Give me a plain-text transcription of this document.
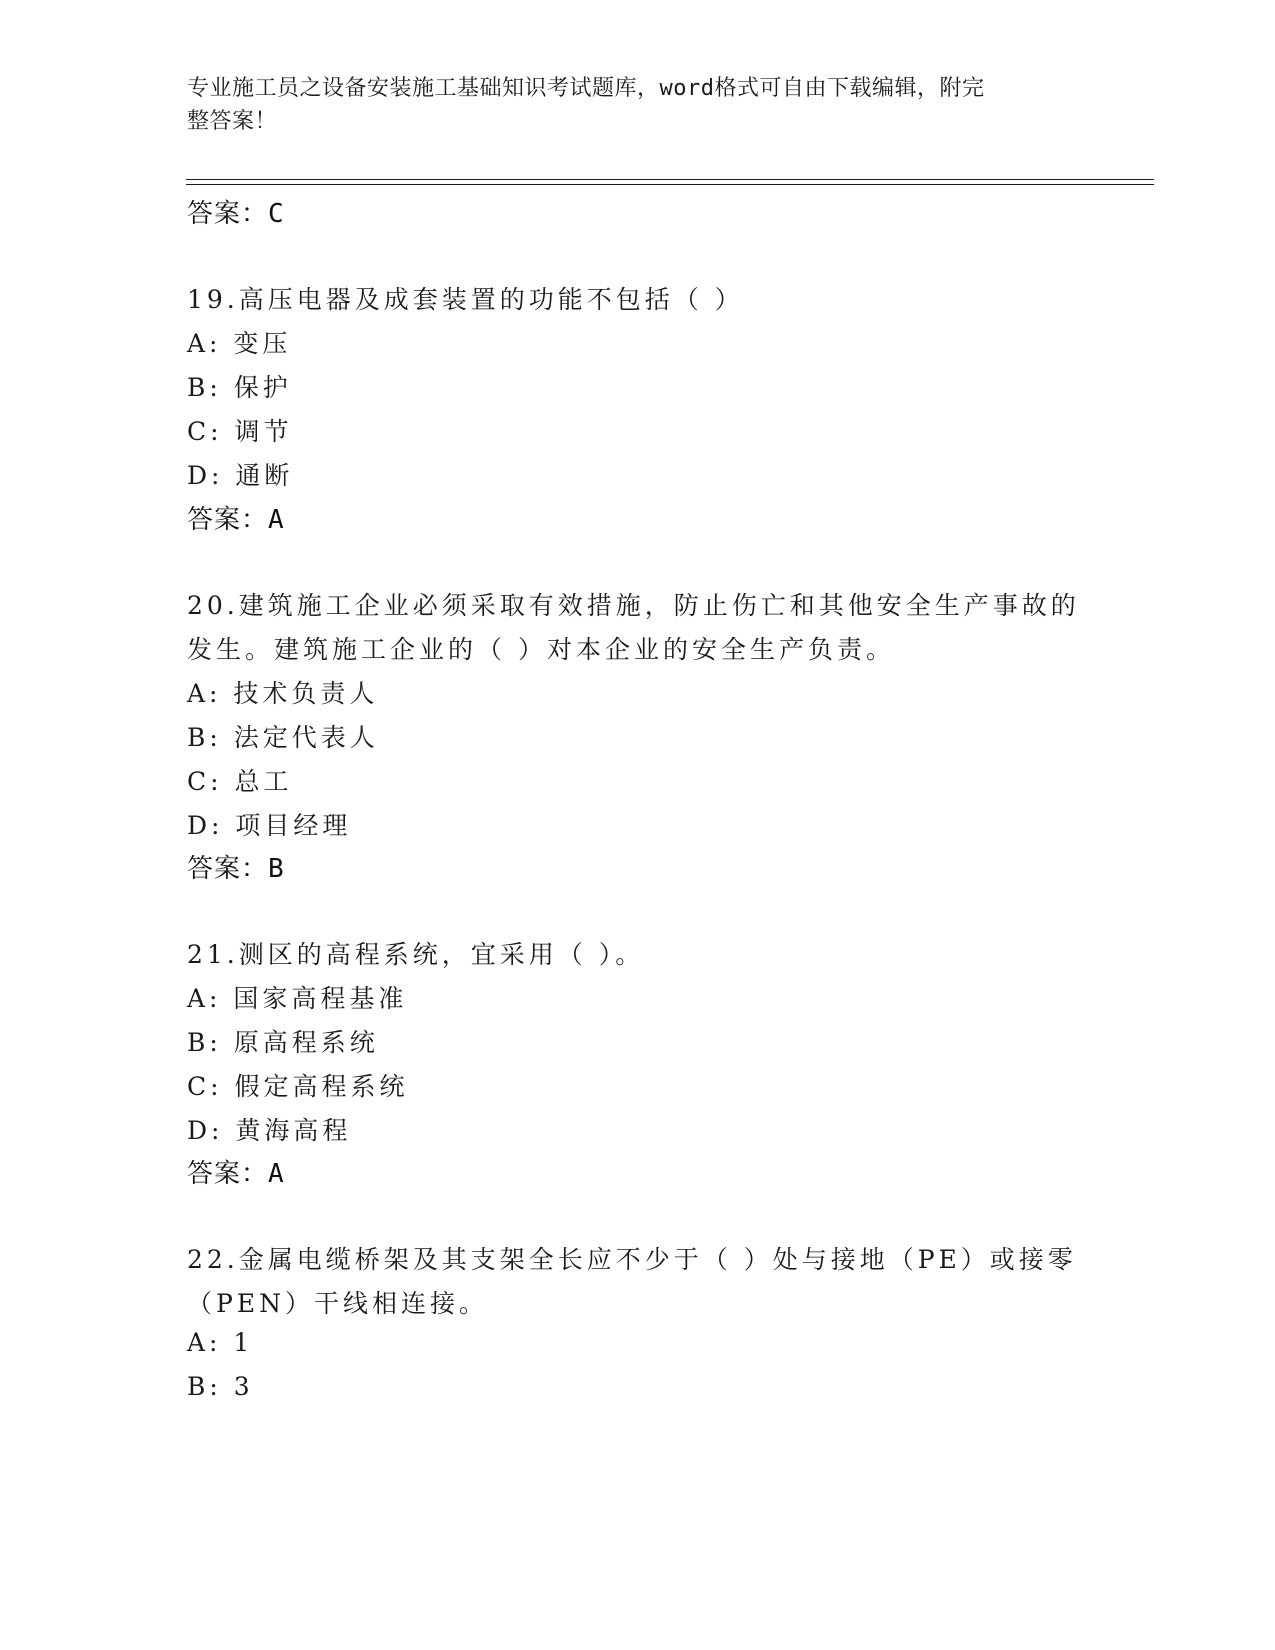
专业施工员之设备安装施工基础知识考试题库，word格式可自由下载编辑，附完
整答案！
答案：C
19.高压电器及成套装置的功能不包括（ ）
A: 变压
B: 保护
C: 调节
D: 通断
答案：A
20.建筑施工企业必须采取有效措施，防止伤亡和其他安全生产事故的
发生。建筑施工企业的（ ）对本企业的安全生产负责。
A: 技术负责人
B: 法定代表人
C: 总工
D: 项目经理
答案：B
21.测区的高程系统，宜采用（ ）。
A: 国家高程基准
B: 原高程系统
C: 假定高程系统
D: 黄海高程
答案：A
22.金属电缆桥架及其支架全长应不少于（ ）处与接地（PE）或接零
（PEN）干线相连接。
A: 1
B: 3
